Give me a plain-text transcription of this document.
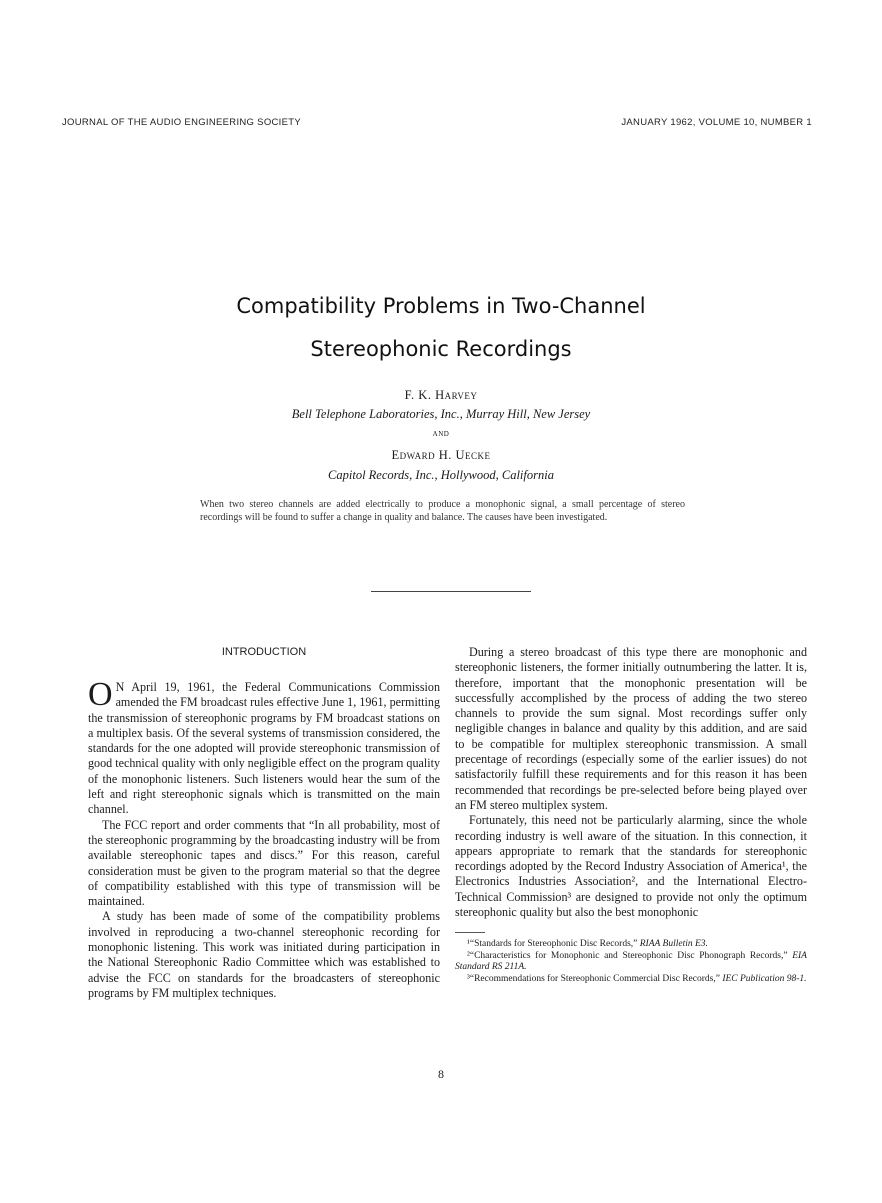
JOURNAL OF THE AUDIO ENGINEERING SOCIETY	JANUARY 1962, VOLUME 10, NUMBER 1
Compatibility Problems in Two-Channel
Stereophonic Recordings
F. K. Harvey
Bell Telephone Laboratories, Inc., Murray Hill, New Jersey
and
Edward H. Uecke
Capitol Records, Inc., Hollywood, California
When two stereo channels are added electrically to produce a monophonic signal, a small percentage of stereo recordings will be found to suffer a change in quality and balance. The causes have been investigated.
INTRODUCTION

O N April 19, 1961, the Federal Communications Commission amended the FM broadcast rules effective June 1, 1961, permitting the transmission of stereophonic programs by FM broadcast stations on a multiplex basis. Of the several systems of transmission considered, the standards for the one adopted will provide stereophonic transmission of good technical quality with only negligible effect on the program quality of the monophonic listeners. Such listeners would hear the sum of the left and right stereophonic signals which is transmitted on the main channel.

The FCC report and order comments that “In all probability, most of the stereophonic programming by the broadcasting industry will be from available stereophonic tapes and discs.” For this reason, careful consideration must be given to the program material so that the degree of compatibility established with this type of transmission will be maintained.

A study has been made of some of the compatibility problems involved in reproducing a two-channel stereophonic recording for monophonic listening. This work was initiated during participation in the National Stereophonic Radio Committee which was established to advise the FCC on standards for the broadcasters of stereophonic programs by FM multiplex techniques.

During a stereo broadcast of this type there are monophonic and stereophonic listeners, the former initially outnumbering the latter. It is, therefore, important that the monophonic presentation will be successfully accomplished by the process of adding the two stereo channels to provide the sum signal. Most recordings suffer only negligible changes in balance and quality by this addition, and are said to be compatible for multiplex stereophonic transmission. A small precentage of recordings (especially some of the earlier issues) do not satisfactorily fulfill these requirements and for this reason it has been recommended that recordings be pre-selected before being played over an FM stereo multiplex system.

Fortunately, this need not be particularly alarming, since the whole recording industry is well aware of the situation. In this connection, it appears appropriate to remark that the standards for stereophonic recordings adopted by the Record Industry Association of America¹, the Electronics Industries Association², and the International Electro-Technical Commission³ are designed to provide not only the optimum stereophonic quality but also the best monophonic

¹“Standards for Stereophonic Disc Records,” RIAA Bulletin E3.

²“Characteristics for Monophonic and Stereophonic Disc Phonograph Records,” EIA Standard RS 211A.

³“Recommendations for Stereophonic Commercial Disc Records,” IEC Publication 98-1.

8
